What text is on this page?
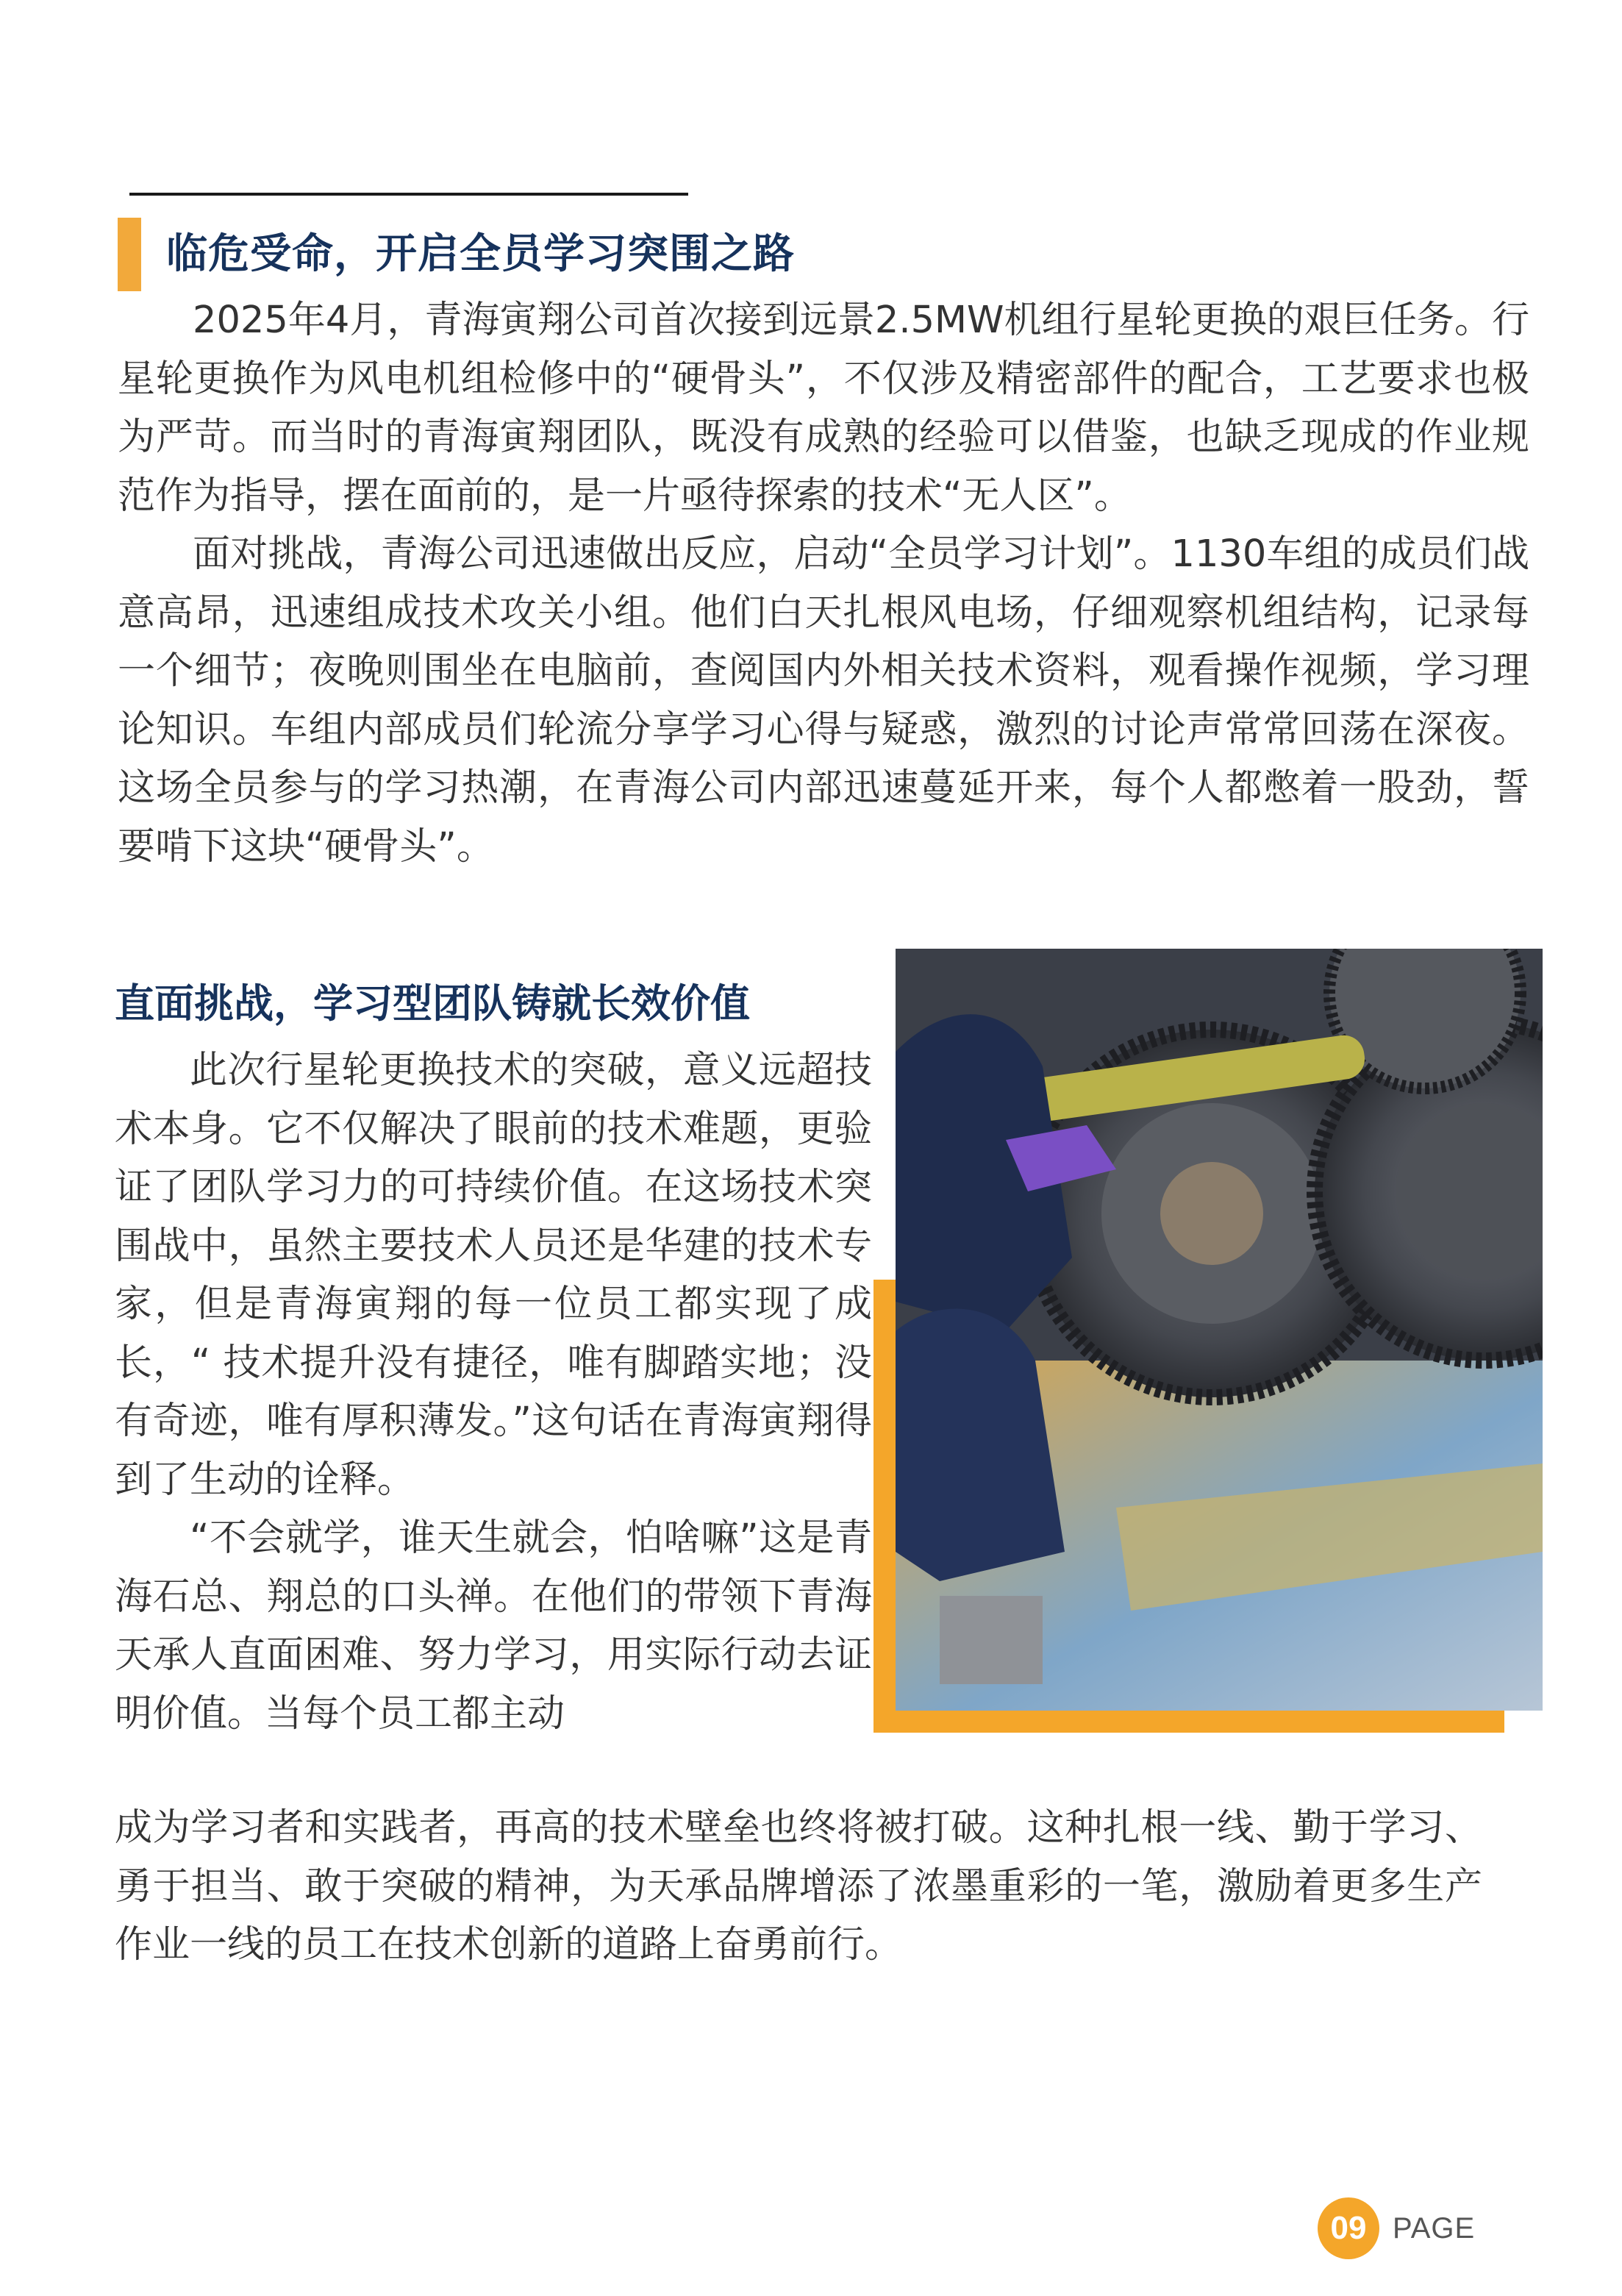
临危受命，开启全员学习突围之路

2025年4月，青海寅翔公司首次接到远景2.5MW机组行星轮更换的艰巨任务。行星轮更换作为风电机组检修中的“硬骨头”，不仅涉及精密部件的配合，工艺要求也极为严苛。而当时的青海寅翔团队，既没有成熟的经验可以借鉴，也缺乏现成的作业规范作为指导，摆在面前的，是一片亟待探索的技术“无人区”。

面对挑战，青海公司迅速做出反应，启动“全员学习计划”。1130车组的成员们战意高昂，迅速组成技术攻关小组。他们白天扎根风电场，仔细观察机组结构，记录每一个细节；夜晚则围坐在电脑前，查阅国内外相关技术资料，观看操作视频，学习理论知识。车组内部成员们轮流分享学习心得与疑惑，激烈的讨论声常常回荡在深夜。这场全员参与的学习热潮，在青海公司内部迅速蔓延开来，每个人都憋着一股劲，誓要啃下这块“硬骨头”。

直面挑战，学习型团队铸就长效价值

此次行星轮更换技术的突破，意义远超技术本身。它不仅解决了眼前的技术难题，更验证了团队学习力的可持续价值。在这场技术突围战中，虽然主要技术人员还是华建的技术专家，但是青海寅翔的每一位员工都实现了成长，“ 技术提升没有捷径，唯有脚踏实地；没有奇迹，唯有厚积薄发。”这句话在青海寅翔得到了生动的诠释。

“不会就学，谁天生就会，怕啥嘛”这是青海石总、翔总的口头禅。在他们的带领下青海天承人直面困难、努力学习，用实际行动去证明价值。当每个员工都主动

成为学习者和实践者，再高的技术壁垒也终将被打破。这种扎根一线、勤于学习、勇于担当、敢于突破的精神，为天承品牌增添了浓墨重彩的一笔，激励着更多生产作业一线的员工在技术创新的道路上奋勇前行。

09 PAGE
